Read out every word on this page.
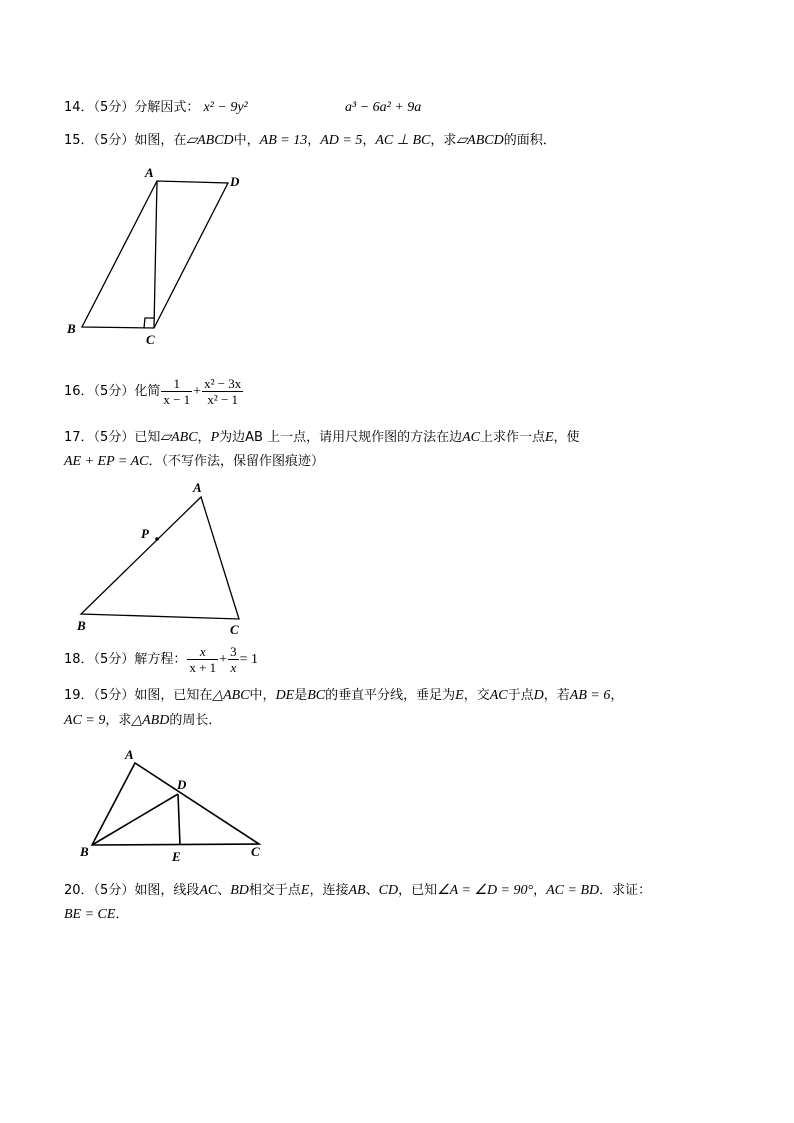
14．（5分）分解因式： x² − 9y²	a³ − 6a² + 9a
15．（5分）如图，在▱ABCD中，AB = 13，AD = 5，AC ⊥ BC，求▱ABCD的面积．
16．（5分）化简 $\frac{1}{x - 1} + \frac{\text{x² − 3x}}{\text{x² − 1}}$
17．（5分）已知▱ABC，P为边AB 上一点，请用尺规作图的方法在边AC上求作一点E，使
AE + EP = AC．（不写作法，保留作图痕迹）
18．（5分）解方程： $\frac{x}{x + 1} + \frac{3}{x} = 1$
19．（5分）如图，已知在△ABC中，DE是BC的垂直平分线，垂足为E，交AC于点D，若AB = 6，
AC = 9，求△ABD的周长．
20．（5分）如图，线段AC、BD相交于点E，连接AB、CD，已知∠A = ∠D = 90°，AC = BD．求证：
BE = CE．
A
D
B
C
A
P
B	C
A
D
B	E	C
